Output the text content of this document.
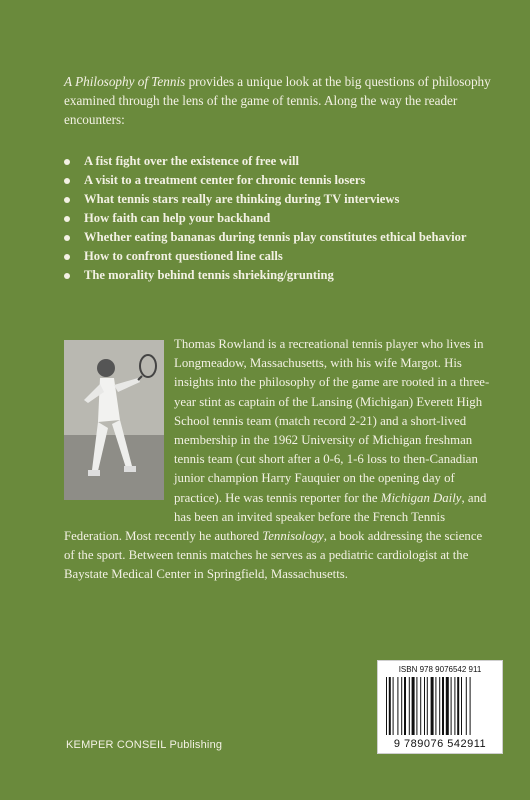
A Philosophy of Tennis provides a unique look at the big questions of philosophy examined through the lens of the game of tennis. Along the way the reader encounters:
A fist fight over the existence of free will
A visit to a treatment center for chronic tennis losers
What tennis stars really are thinking during TV interviews
How faith can help your backhand
Whether eating bananas during tennis play constitutes ethical behavior
How to confront questioned line calls
The morality behind tennis shrieking/grunting
Thomas Rowland is a recreational tennis player who lives in Longmeadow, Massachusetts, with his wife Margot. His insights into the philosophy of the game are rooted in a three-year stint as captain of the Lansing (Michigan) Everett High School tennis team (match record 2-21) and a short-lived membership in the 1962 University of Michigan freshman tennis team (cut short after a 0-6, 1-6 loss to then-Canadian junior champion Harry Fauquier on the opening day of practice). He was tennis reporter for the Michigan Daily, and has been an invited speaker before the French Tennis Federation. Most recently he authored Tennisology, a book addressing the science of the sport. Between tennis matches he serves as a pediatric cardiologist at the Baystate Medical Center in Springfield, Massachusetts.
KEMPER CONSEIL Publishing
ISBN 978 9076542 911
9 789076 542911
